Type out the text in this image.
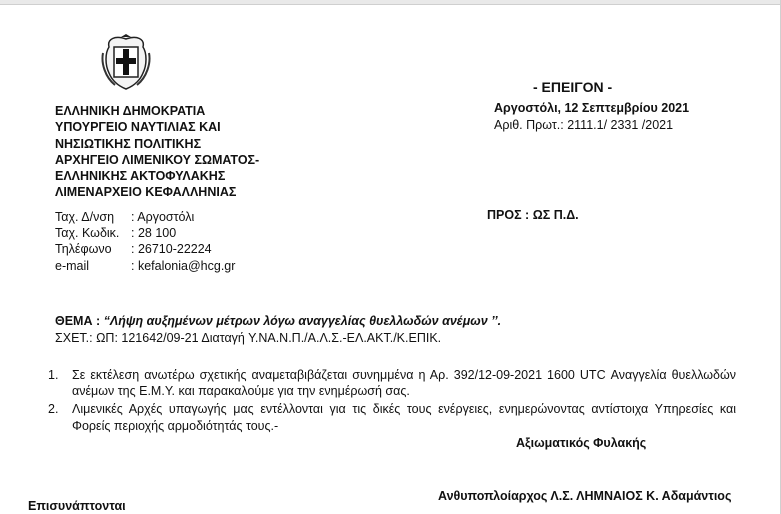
ΕΛΛΗΝΙΚΗ ΔΗΜΟΚΡΑΤΙΑ
ΥΠΟΥΡΓΕΙΟ ΝΑΥΤΙΛΙΑΣ ΚΑΙ
ΝΗΣΙΩΤΙΚΗΣ ΠΟΛΙΤΙΚΗΣ
ΑΡΧΗΓΕΙΟ ΛΙΜΕΝΙΚΟΥ ΣΩΜΑΤΟΣ-
ΕΛΛΗΝΙΚΗΣ ΑΚΤΟΦΥΛΑΚΗΣ
ΛΙΜΕΝΑΡΧΕΙΟ ΚΕΦΑΛΛΗΝΙΑΣ
Ταχ. Δ/νση	: Αργοστόλι
Ταχ. Κωδικ. : 28 100
Τηλέφωνο	: 26710-22224
e-mail	: kefalonia@hcg.gr
- ΕΠΕΙΓΟΝ -
Αργοστόλι, 12 Σεπτεμβρίου 2021
Αριθ. Πρωτ.: 2111.1/ 2331 /2021
ΠΡΟΣ : ΩΣ Π.Δ.
ΘΕΜΑ : “Λήψη αυξημένων μέτρων λόγω αναγγελίας θυελλωδών ανέμων ’’.
ΣΧΕΤ.: ΩΠ: 121642/09-21 Διαταγή Υ.ΝΑ.Ν.Π./Α.Λ.Σ.-ΕΛ.ΑΚΤ./Κ.ΕΠΙΚ.
1.	Σε εκτέλεση ανωτέρω σχετικής αναμεταβιβάζεται συνημμένα η Αρ. 392/12-09-2021 1600 UTC Αναγγελία θυελλωδών ανέμων της Ε.Μ.Υ. και παρακαλούμε για την ενημέρωσή σας.
2.	Λιμενικές Αρχές υπαγωγής μας εντέλλονται για τις δικές τους ενέργειες, ενημερώνοντας αντίστοιχα Υπηρεσίες και Φορείς περιοχής αρμοδιότητάς τους.-
Αξιωματικός Φυλακής
Ανθυποπλοίαρχος Λ.Σ. ΛΗΜΝΑΙΟΣ Κ. Αδαμάντιος
Επισυνάπτονται
